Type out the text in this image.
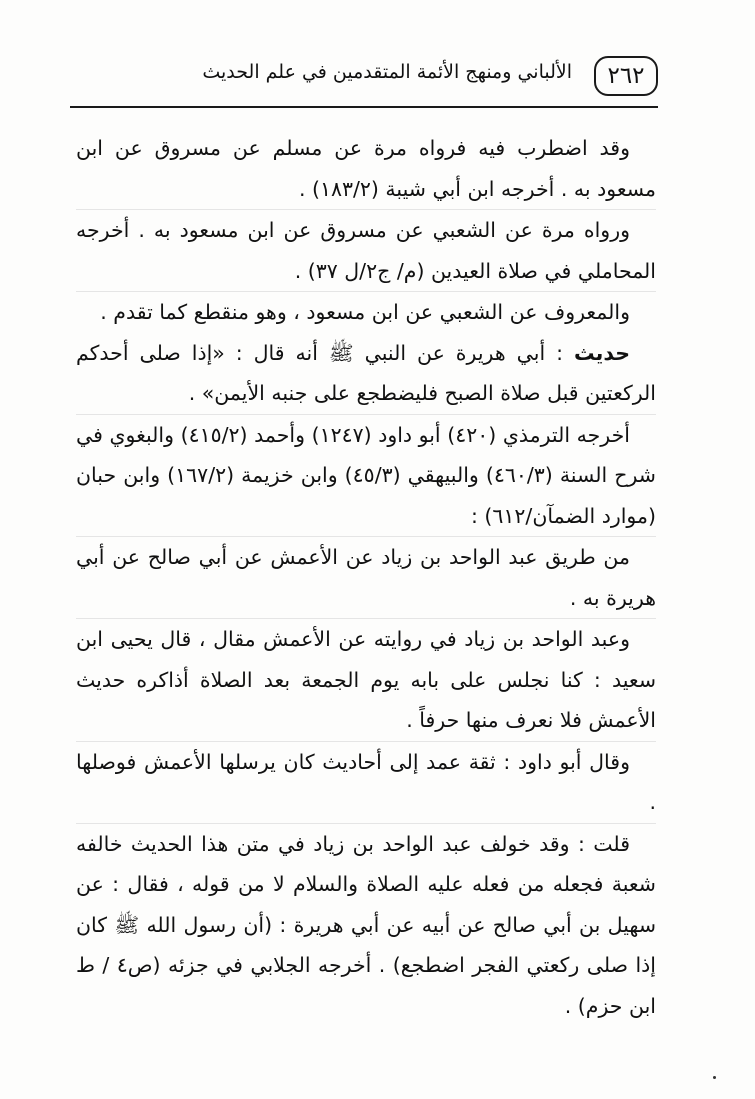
٢٦٢
الألباني ومنهج الأئمة المتقدمين في علم الحديث

وقد اضطرب فيه فرواه مرة عن مسلم عن مسروق عن ابن مسعود به . أخرجه ابن أبي شيبة (١٨٣/٢) .

ورواه مرة عن الشعبي عن مسروق عن ابن مسعود به . أخرجه المحاملي في صلاة العيدين (م/ ج٢/ل ٣٧) .

والمعروف عن الشعبي عن ابن مسعود ، وهو منقطع كما تقدم .

حديث : أبي هريرة عن النبي ﷺ أنه قال : «إذا صلى أحدكم الركعتين قبل صلاة الصبح فليضطجع على جنبه الأيمن» .

أخرجه الترمذي (٤٢٠) أبو داود (١٢٤٧) وأحمد (٤١٥/٢) والبغوي في شرح السنة (٤٦٠/٣) والبيهقي (٤٥/٣) وابن خزيمة (١٦٧/٢) وابن حبان (موارد الضمآن/٦١٢) :

من طريق عبد الواحد بن زياد عن الأعمش عن أبي صالح عن أبي هريرة به .

وعبد الواحد بن زياد في روايته عن الأعمش مقال ، قال يحيى ابن سعيد : كنا نجلس على بابه يوم الجمعة بعد الصلاة أذاكره حديث الأعمش فلا نعرف منها حرفاً .

وقال أبو داود : ثقة عمد إلى أحاديث كان يرسلها الأعمش فوصلها .

قلت : وقد خولف عبد الواحد بن زياد في متن هذا الحديث خالفه شعبة فجعله من فعله عليه الصلاة والسلام لا من قوله ، فقال : عن سهيل بن أبي صالح عن أبيه عن أبي هريرة : (أن رسول الله ﷺ كان إذا صلى ركعتي الفجر اضطجع) . أخرجه الجلابي في جزئه (ص٤ / ط ابن حزم) .
